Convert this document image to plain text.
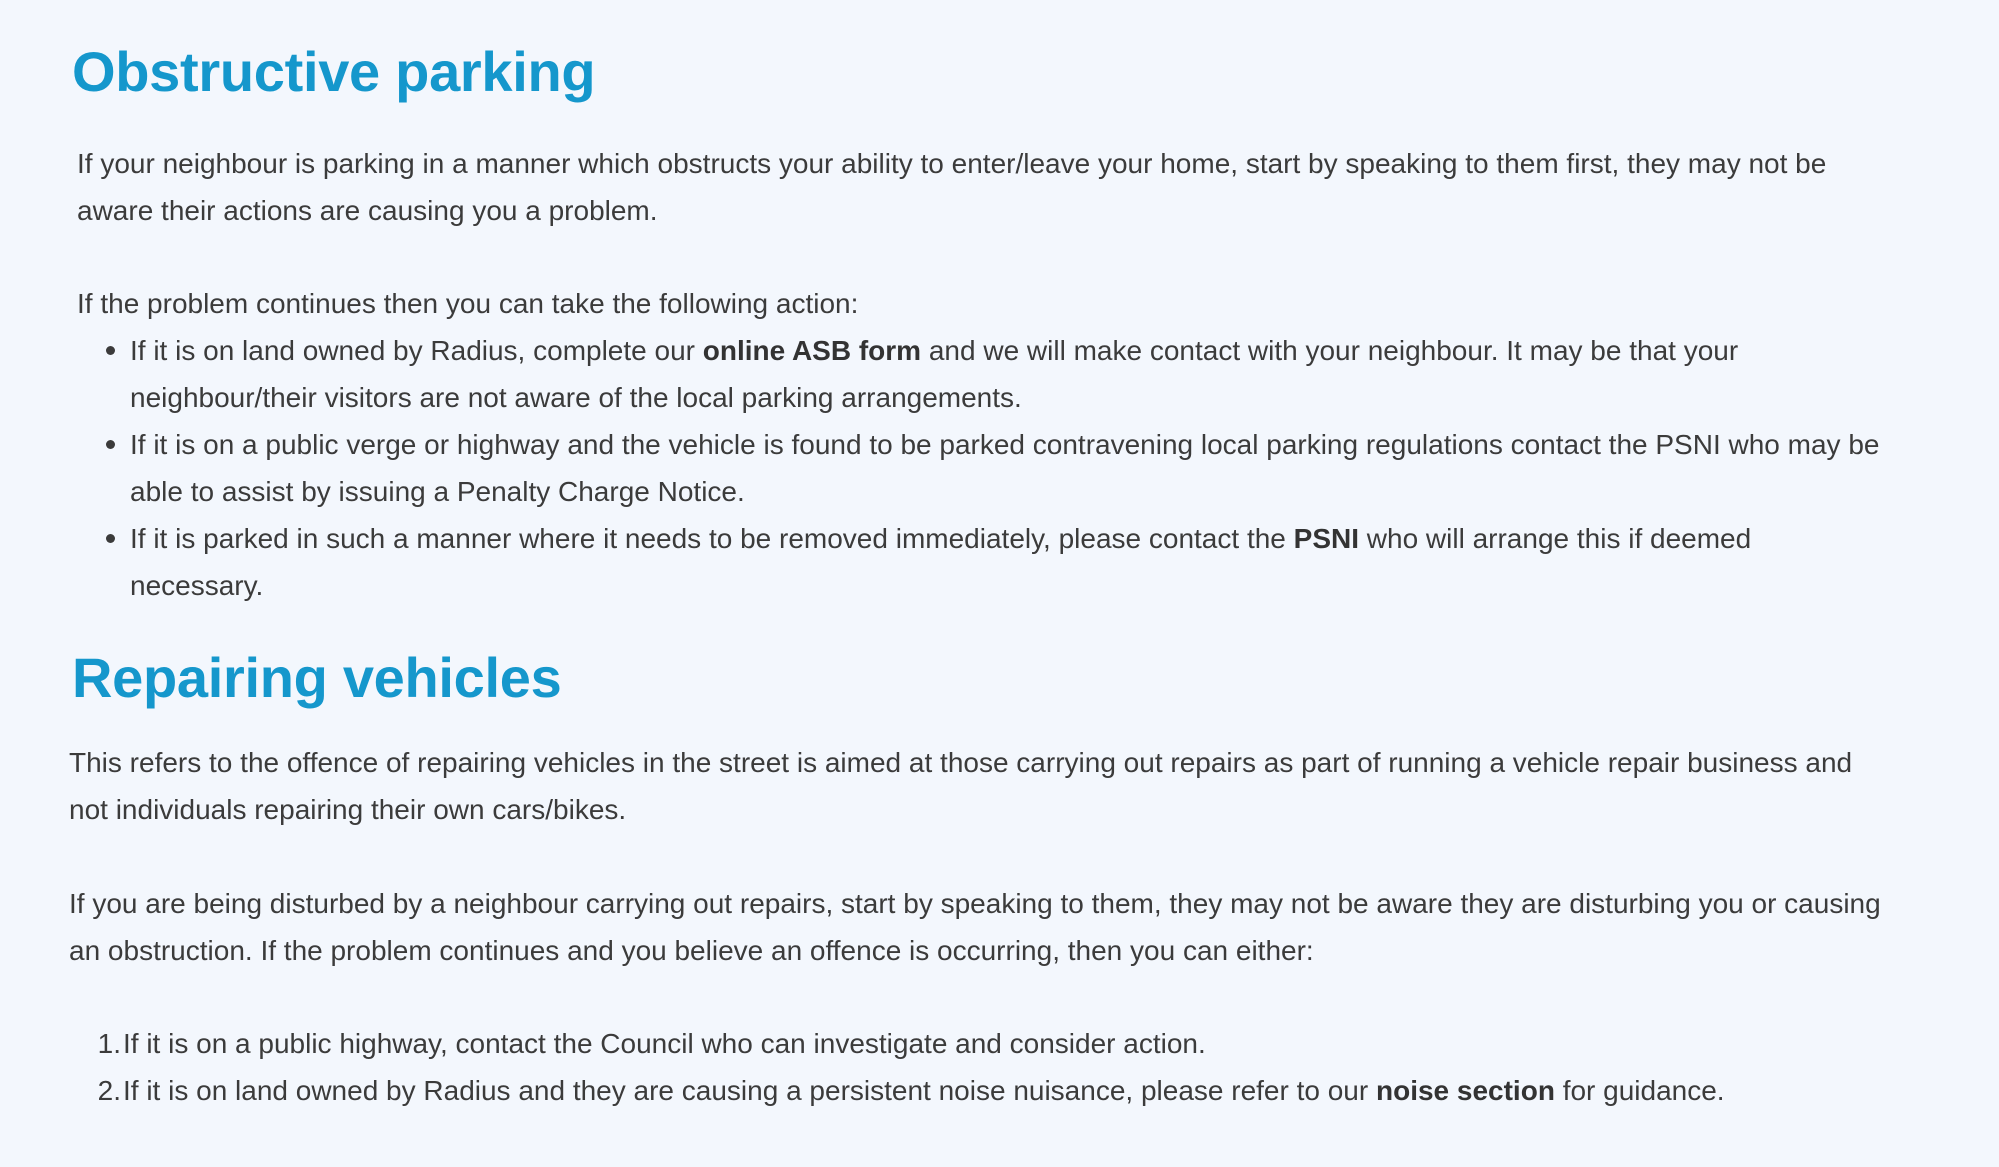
Obstructive parking

If your neighbour is parking in a manner which obstructs your ability to enter/leave your home, start by speaking to them first, they may not be aware their actions are causing you a problem.

If the problem continues then you can take the following action:

If it is on land owned by Radius, complete our online ASB form and we will make contact with your neighbour. It may be that your neighbour/their visitors are not aware of the local parking arrangements.
If it is on a public verge or highway and the vehicle is found to be parked contravening local parking regulations contact the PSNI who may be able to assist by issuing a Penalty Charge Notice.
If it is parked in such a manner where it needs to be removed immediately, please contact the PSNI who will arrange this if deemed necessary.
Repairing vehicles

This refers to the offence of repairing vehicles in the street is aimed at those carrying out repairs as part of running a vehicle repair business and not individuals repairing their own cars/bikes.

If you are being disturbed by a neighbour carrying out repairs, start by speaking to them, they may not be aware they are disturbing you or causing an obstruction. If the problem continues and you believe an offence is occurring, then you can either:

1. If it is on a public highway, contact the Council who can investigate and consider action.
2. If it is on land owned by Radius and they are causing a persistent noise nuisance, please refer to our noise section for guidance.
